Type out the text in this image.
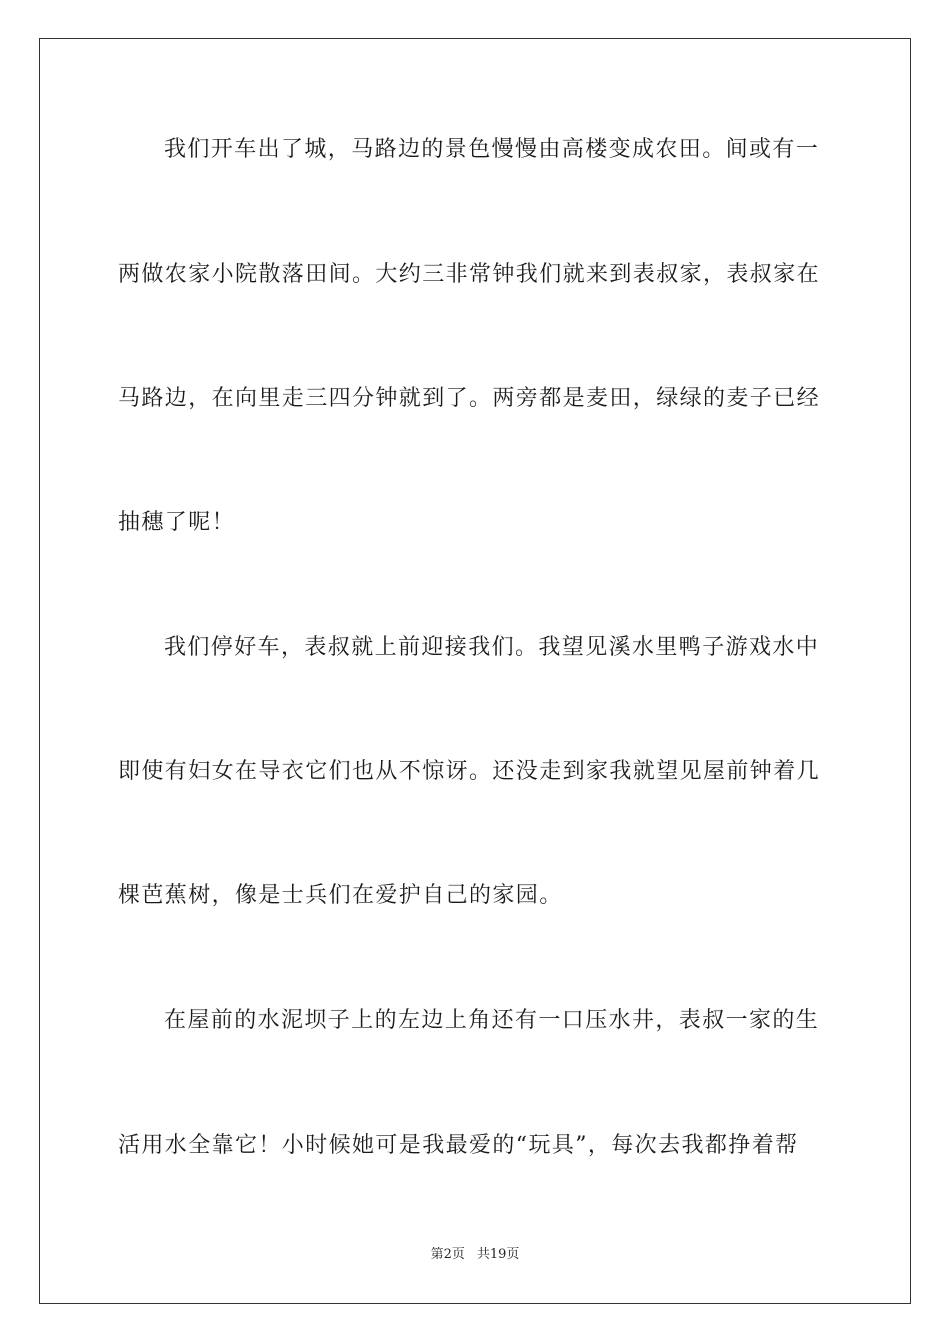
我们开车出了城，马路边的景色慢慢由高楼变成农田。间或有一
两做农家小院散落田间。大约三非常钟我们就来到表叔家，表叔家在
马路边，在向里走三四分钟就到了。两旁都是麦田，绿绿的麦子已经
抽穗了呢！
我们停好车，表叔就上前迎接我们。我望见溪水里鸭子游戏水中
即使有妇女在导衣它们也从不惊讶。还没走到家我就望见屋前钟着几
棵芭蕉树，像是士兵们在爱护自己的家园。
在屋前的水泥坝子上的左边上角还有一口压水井，表叔一家的生
活用水全靠它！小时候她可是我最爱的“玩具”，每次去我都挣着帮
第2页 共19页
